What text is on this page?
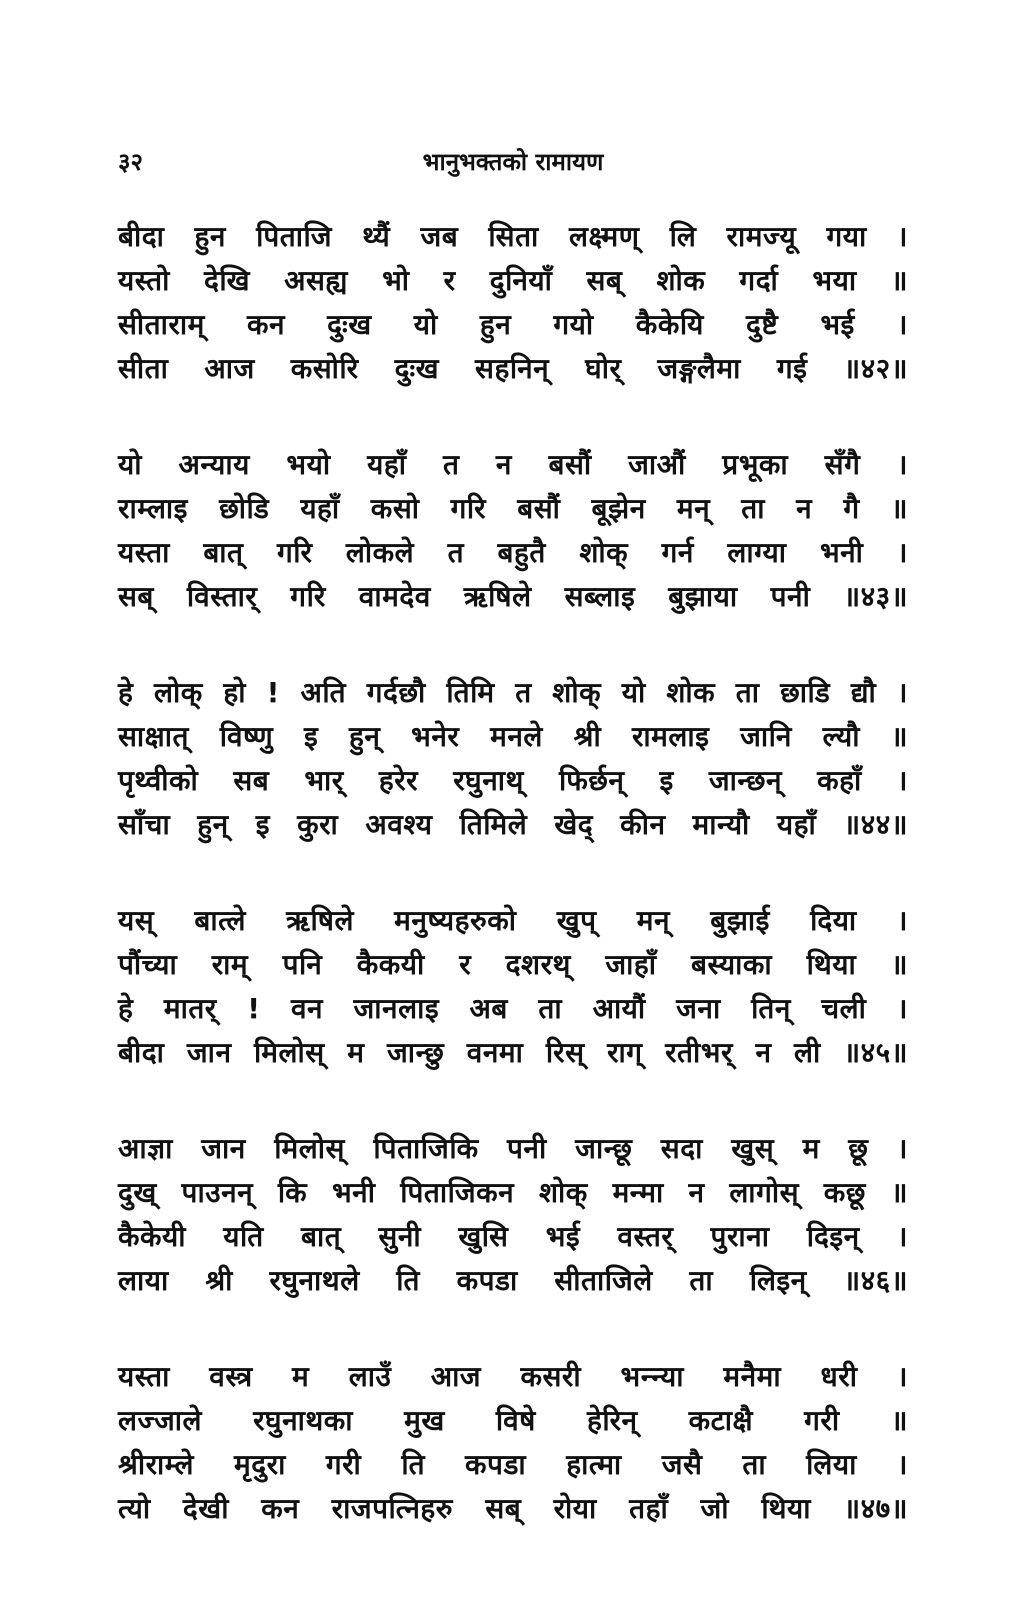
३२	भानुभक्तको रामायण
बीदा हुन पिताजि थ्यैं जब सिता लक्ष्मण् लि रामज्यू गया ।
यस्तो देखि असह्य भो र दुनियाँ सब् शोक गर्दा भया ॥
सीताराम् कन दुःख यो हुन गयो कैकेयि दुष्टै भई ।
सीता आज कसोरि दुःख सहनिन् घोर् जङ्गलैमा गई ॥४२॥
यो अन्याय भयो यहाँ त न बसौं जाऔं प्रभूका सँगै ।
राम्लाइ छोडि यहाँ कसो गरि बसौं बूझेन मन् ता न गै ॥
यस्ता बात् गरि लोकले त बहुतै शोक् गर्न लाग्या भनी ।
सब् विस्तार् गरि वामदेव ऋषिले सब्लाइ बुझाया पनी ॥४३॥
हे लोक् हो ! अति गर्दछौ तिमि त शोक् यो शोक ता छाडि द्यौ ।
साक्षात् विष्णु इ हुन् भनेर मनले श्री रामलाइ जानि ल्यौ ॥
पृथ्वीको सब भार् हरेर रघुनाथ् फिर्छन् इ जान्छन् कहाँ ।
साँचा हुन् इ कुरा अवश्य तिमिले खेद् कीन मान्यौ यहाँ ॥४४॥
यस् बात्ले ऋषिले मनुष्यहरुको खुप् मन् बुझाई दिया ।
पौंच्या राम् पनि कैकयी र दशरथ् जाहाँ बस्याका थिया ॥
हे मातर् ! वन जानलाइ अब ता आयौं जना तिन् चली ।
बीदा जान मिलोस् म जान्छु वनमा रिस् राग् रतीभर् न ली ॥४५॥
आज्ञा जान मिलोस् पिताजिकि पनी जान्छू सदा खुस् म छू ।
दुख् पाउनन् कि भनी पिताजिकन शोक् मन्मा न लागोस् कछू ॥
कैकेयी यति बात् सुनी खुसि भई वस्तर् पुराना दिइन् ।
लाया श्री रघुनाथले ति कपडा सीताजिले ता लिइन् ॥४६॥
यस्ता वस्त्र म लाउँ आज कसरी भन्न्या मनैमा धरी ।
लज्जाले रघुनाथका मुख विषे हेरिन् कटाक्षै गरी ॥
श्रीराम्ले मृदुरा गरी ति कपडा हात्मा जसै ता लिया ।
त्यो देखी कन राजपत्निहरु सब् रोया तहाँ जो थिया ॥४७॥
